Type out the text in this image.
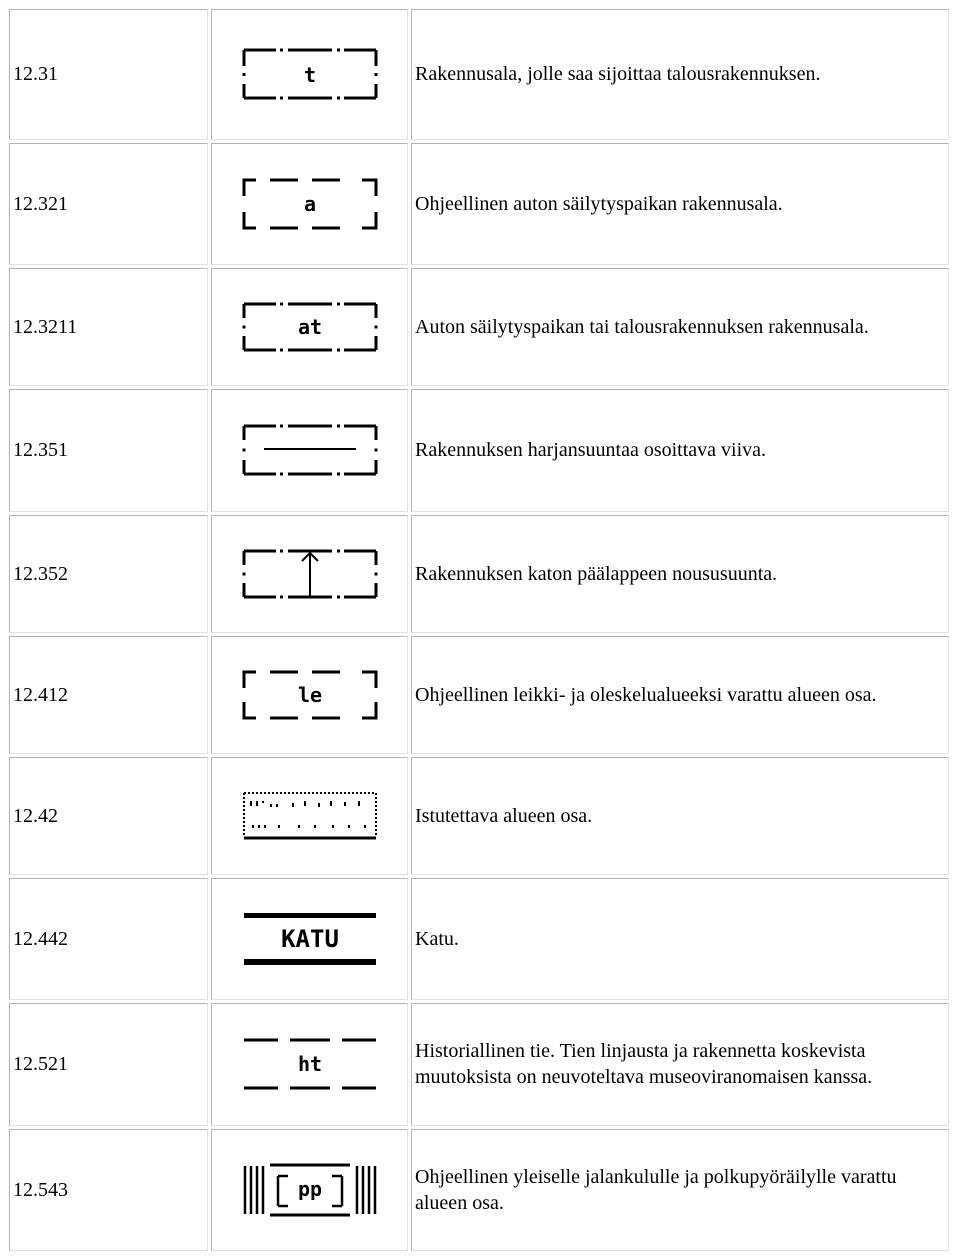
12.31	t	Rakennusala, jolle saa sijoittaa talousrakennuksen.
12.321	a	Ohjeellinen auton säilytyspaikan rakennusala.
12.3211	at	Auton säilytyspaikan tai talousrakennuksen rakennusala.
12.351		Rakennuksen harjansuuntaa osoittava viiva.
12.352		Rakennuksen katon päälappeen noususuunta.
12.412	le	Ohjeellinen leikki- ja oleskelualueeksi varattu alueen osa.
12.42		Istutettava alueen osa.
12.442	KATU	Katu.
12.521	ht	Historiallinen tie. Tien linjausta ja rakennetta koskevista muutoksista on neuvoteltava museoviranomaisen kanssa.
12.543	pp	Ohjeellinen yleiselle jalankululle ja polkupyöräilylle varattu alueen osa.
